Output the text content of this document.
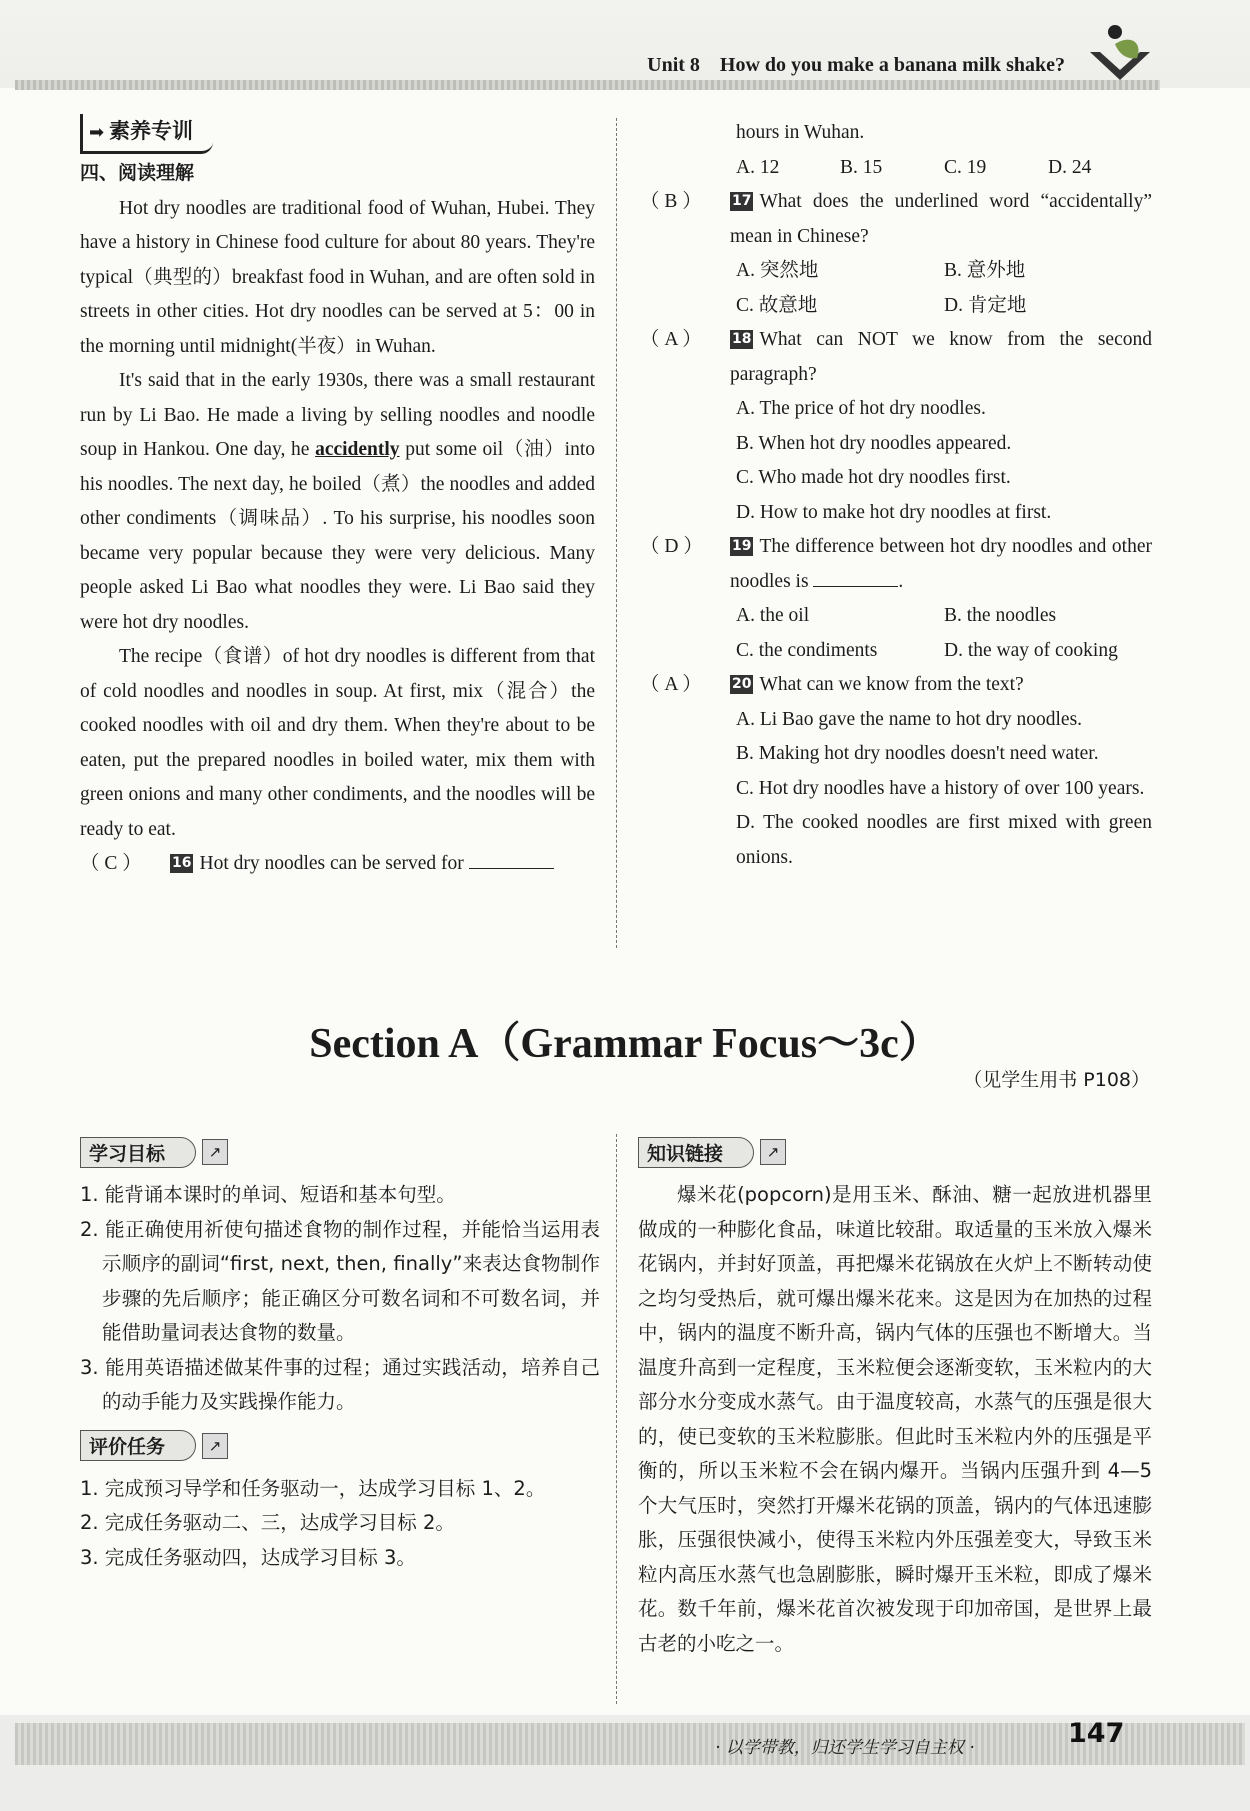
Unit 8　How do you make a banana milk shake?
➡ 素养专训
四、阅读理解

Hot dry noodles are traditional food of Wuhan, Hubei. They have a history in Chinese food culture for about 80 years. They're typical（典型的）breakfast food in Wuhan, and are often sold in streets in other cities. Hot dry noodles can be served at 5：00 in the morning until midnight(半夜）in Wuhan.

It's said that in the early 1930s, there was a small restaurant run by Li Bao. He made a living by selling noodles and noodle soup in Hankou. One day, he accidently put some oil（油）into his noodles. The next day, he boiled（煮）the noodles and added other condiments（调味品）. To his surprise, his noodles soon became very popular because they were very delicious. Many people asked Li Bao what noodles they were. Li Bao said they were hot dry noodles.

The recipe（食谱）of hot dry noodles is different from that of cold noodles and noodles in soup. At first, mix（混合）the cooked noodles with oil and dry them. When they're about to be eaten, put the prepared noodles in boiled water, mix them with green onions and many other condiments, and the noodles will be ready to eat.

（ C ）	16 Hot dry noodles can be served for
hours in Wuhan.
A. 12	B. 15	C. 19	D. 24
（ B ）	17 What does the underlined word “accidentally” mean in Chinese?
A. 突然地	B. 意外地
C. 故意地	D. 肯定地
（ A ）	18 What can NOT we know from the second paragraph?
A. The price of hot dry noodles.
B. When hot dry noodles appeared.
C. Who made hot dry noodles first.
D. How to make hot dry noodles at first.
（ D ）	19 The difference between hot dry noodles and other noodles is	.
A. the oil	B. the noodles
C. the condiments	D. the way of cooking
（ A ）	20 What can we know from the text?
A. Li Bao gave the name to hot dry noodles.
B. Making hot dry noodles doesn't need water.
C. Hot dry noodles have a history of over 100 years.
D. The cooked noodles are first mixed with green onions.
Section A（Grammar Focus～3c）
（见学生用书 P108）
学习目标	↗
1. 能背诵本课时的单词、短语和基本句型。
2. 能正确使用祈使句描述食物的制作过程，并能恰当运用表示顺序的副词“first, next, then, finally”来表达食物制作步骤的先后顺序；能正确区分可数名词和不可数名词，并能借助量词表达食物的数量。
3. 能用英语描述做某件事的过程；通过实践活动，培养自己的动手能力及实践操作能力。
评价任务	↗
1. 完成预习导学和任务驱动一，达成学习目标 1、2。
2. 完成任务驱动二、三，达成学习目标 2。
3. 完成任务驱动四，达成学习目标 3。
知识链接	↗
爆米花(popcorn)是用玉米、酥油、糖一起放进机器里做成的一种膨化食品，味道比较甜。取适量的玉米放入爆米花锅内，并封好顶盖，再把爆米花锅放在火炉上不断转动使之均匀受热后，就可爆出爆米花来。这是因为在加热的过程中，锅内的温度不断升高，锅内气体的压强也不断增大。当温度升高到一定程度，玉米粒便会逐渐变软，玉米粒内的大部分水分变成水蒸气。由于温度较高，水蒸气的压强是很大的，使已变软的玉米粒膨胀。但此时玉米粒内外的压强是平衡的，所以玉米粒不会在锅内爆开。当锅内压强升到 4—5 个大气压时，突然打开爆米花锅的顶盖，锅内的气体迅速膨胀，压强很快减小，使得玉米粒内外压强差变大，导致玉米粒内高压水蒸气也急剧膨胀，瞬时爆开玉米粒，即成了爆米花。数千年前，爆米花首次被发现于印加帝国，是世界上最古老的小吃之一。
· 以学带教，归还学生学习自主权 ·	147
